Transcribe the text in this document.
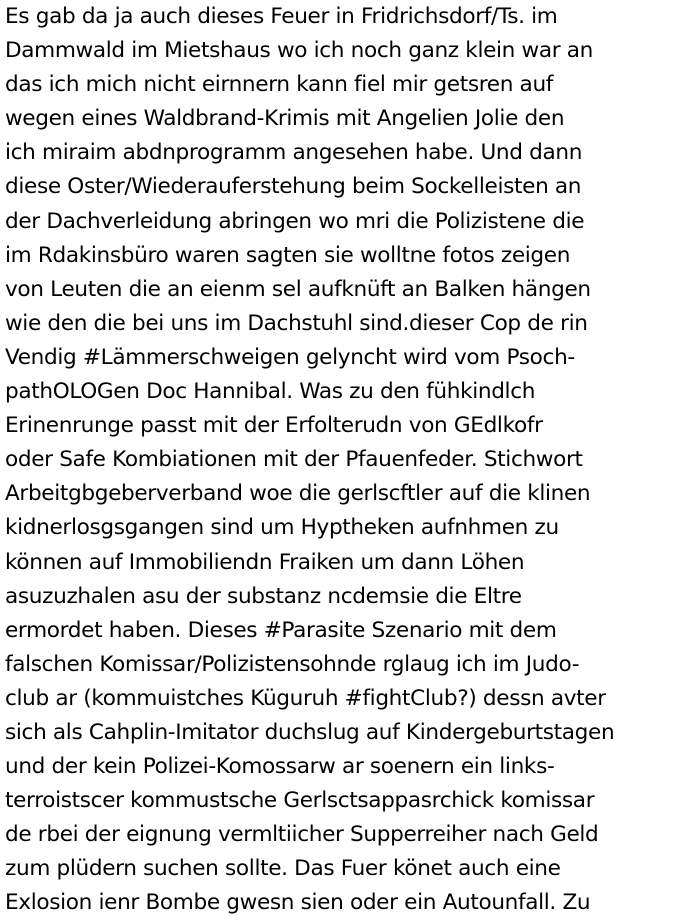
Es gab da ja auch dieses Feuer in Fridrichsdorf/Ts. im
Dammwald im Mietshaus wo ich noch ganz klein war an
das ich mich nicht eirnnern kann fiel mir getsren auf
wegen eines Waldbrand-Krimis mit Angelien Jolie den
ich miraim abdnprogramm angesehen habe. Und dann
diese Oster/Wiederauferstehung beim Sockelleisten an
der Dachverleidung abringen wo mri die Polizistene die
im Rdakinsbüro waren sagten sie wolltne fotos zeigen
von Leuten die an eienm sel aufknüft an Balken hängen
wie den die bei uns im Dachstuhl sind.dieser Cop de rin
Vendig #Lämmerschweigen gelyncht wird vom Psoch-
pathOLOGen Doc Hannibal. Was zu den fühkindlch
Erinenrunge passt mit der Erfolterudn von GEdlkofr
oder Safe Kombiationen mit der Pfauenfeder. Stichwort
Arbeitgbgeberverband woe die gerlscftler auf die klinen
kidnerlosgsgangen sind um Hyptheken aufnhmen zu
können auf Immobiliendn Fraiken um dann Löhen
asuzuzhalen asu der substanz ncdemsie die Eltre
ermordet haben. Dieses #Parasite Szenario mit dem
falschen Komissar/Polizistensohnde rglaug ich im Judo-
club ar (kommuistches Küguruh #fightClub?) dessn avter
sich als Cahplin-Imitator duchslug auf Kindergeburtstagen
und der kein Polizei-Komossarw ar soenern ein links-
terroistscer kommustsche Gerlsctsappasrchick komissar
de rbei der eignung vermltiicher Supperreiher nach Geld
zum plüdern suchen sollte. Das Fuer könet auch eine
Exlosion ienr Bombe gwesn sien oder ein Autounfall. Zu
